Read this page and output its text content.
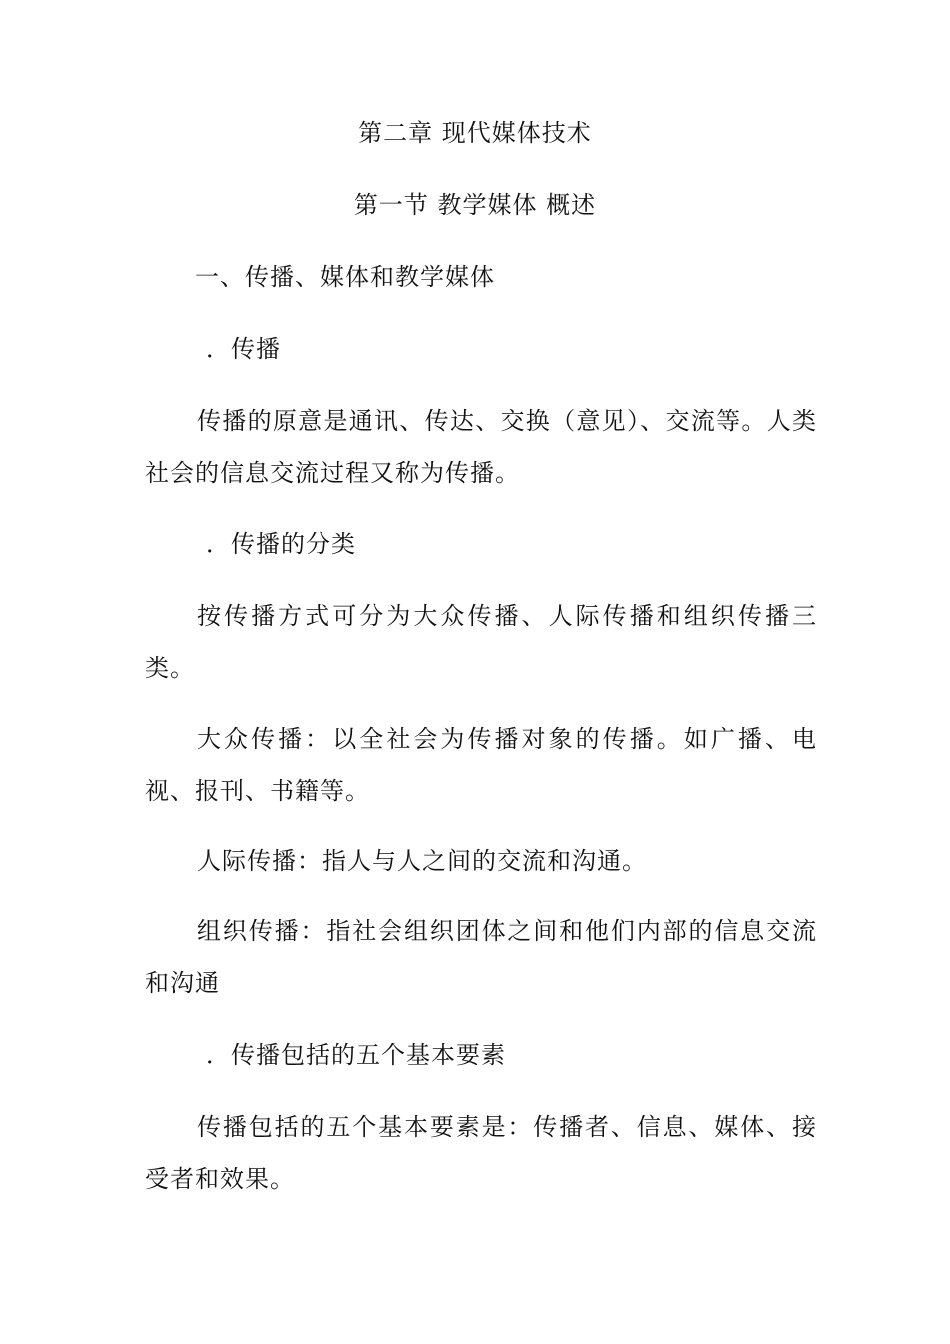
第二章 现代媒体技术
第一节 教学媒体 概述
一、传播、媒体和教学媒体
．传播
传播的原意是通讯、传达、交换（意见）、交流等。人类社会的信息交流过程又称为传播。
．传播的分类
按传播方式可分为大众传播、人际传播和组织传播三类。
大众传播：以全社会为传播对象的传播。如广播、电视、报刊、书籍等。
人际传播：指人与人之间的交流和沟通。
组织传播：指社会组织团体之间和他们内部的信息交流和沟通
．传播包括的五个基本要素
传播包括的五个基本要素是：传播者、信息、媒体、接受者和效果。
